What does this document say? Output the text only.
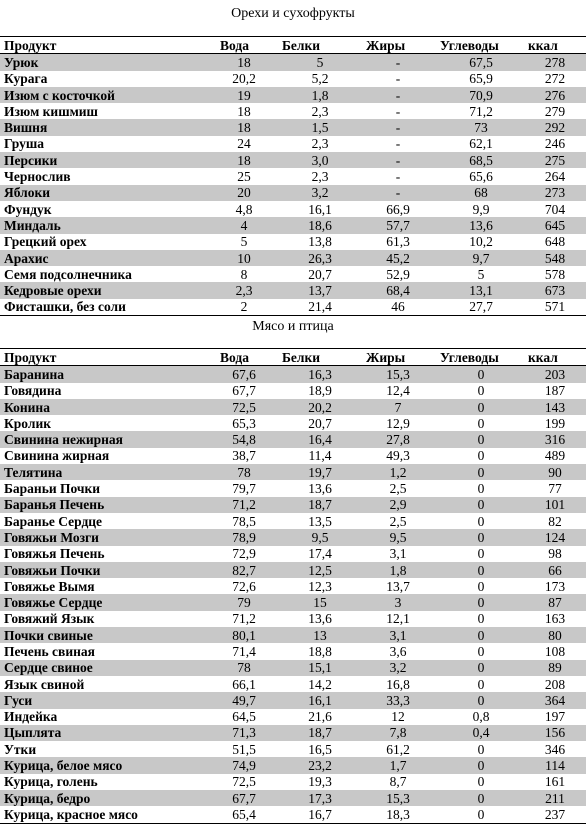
Орехи и сухофрукты
Продукт	Вода	Белки	Жиры	Углеводы	ккал
Урюк	18	5	-	67,5	278
Курага	20,2	5,2	-	65,9	272
Изюм с косточкой	19	1,8	-	70,9	276
Изюм кишмиш	18	2,3	-	71,2	279
Вишня	18	1,5	-	73	292
Груша	24	2,3	-	62,1	246
Персики	18	3,0	-	68,5	275
Чернослив	25	2,3	-	65,6	264
Яблоки	20	3,2	-	68	273
Фундук	4,8	16,1	66,9	9,9	704
Миндаль	4	18,6	57,7	13,6	645
Грецкий орех	5	13,8	61,3	10,2	648
Арахис	10	26,3	45,2	9,7	548
Семя подсолнечника	8	20,7	52,9	5	578
Кедровые орехи	2,3	13,7	68,4	13,1	673
Фисташки, без соли	2	21,4	46	27,7	571
Мясо и птица
Продукт	Вода	Белки	Жиры	Углеводы	ккал
Баранина	67,6	16,3	15,3	0	203
Говядина	67,7	18,9	12,4	0	187
Конина	72,5	20,2	7	0	143
Кролик	65,3	20,7	12,9	0	199
Свинина нежирная	54,8	16,4	27,8	0	316
Свинина жирная	38,7	11,4	49,3	0	489
Телятина	78	19,7	1,2	0	90
Бараньи Почки	79,7	13,6	2,5	0	77
Баранья Печень	71,2	18,7	2,9	0	101
Баранье Сердце	78,5	13,5	2,5	0	82
Говяжьи Мозги	78,9	9,5	9,5	0	124
Говяжья Печень	72,9	17,4	3,1	0	98
Говяжьи Почки	82,7	12,5	1,8	0	66
Говяжье Вымя	72,6	12,3	13,7	0	173
Говяжье Сердце	79	15	3	0	87
Говяжий Язык	71,2	13,6	12,1	0	163
Почки свиные	80,1	13	3,1	0	80
Печень свиная	71,4	18,8	3,6	0	108
Сердце свиное	78	15,1	3,2	0	89
Язык свиной	66,1	14,2	16,8	0	208
Гуси	49,7	16,1	33,3	0	364
Индейка	64,5	21,6	12	0,8	197
Цыплята	71,3	18,7	7,8	0,4	156
Утки	51,5	16,5	61,2	0	346
Курица, белое мясо	74,9	23,2	1,7	0	114
Курица, голень	72,5	19,3	8,7	0	161
Курица, бедро	67,7	17,3	15,3	0	211
Курица, красное мясо	65,4	16,7	18,3	0	237
